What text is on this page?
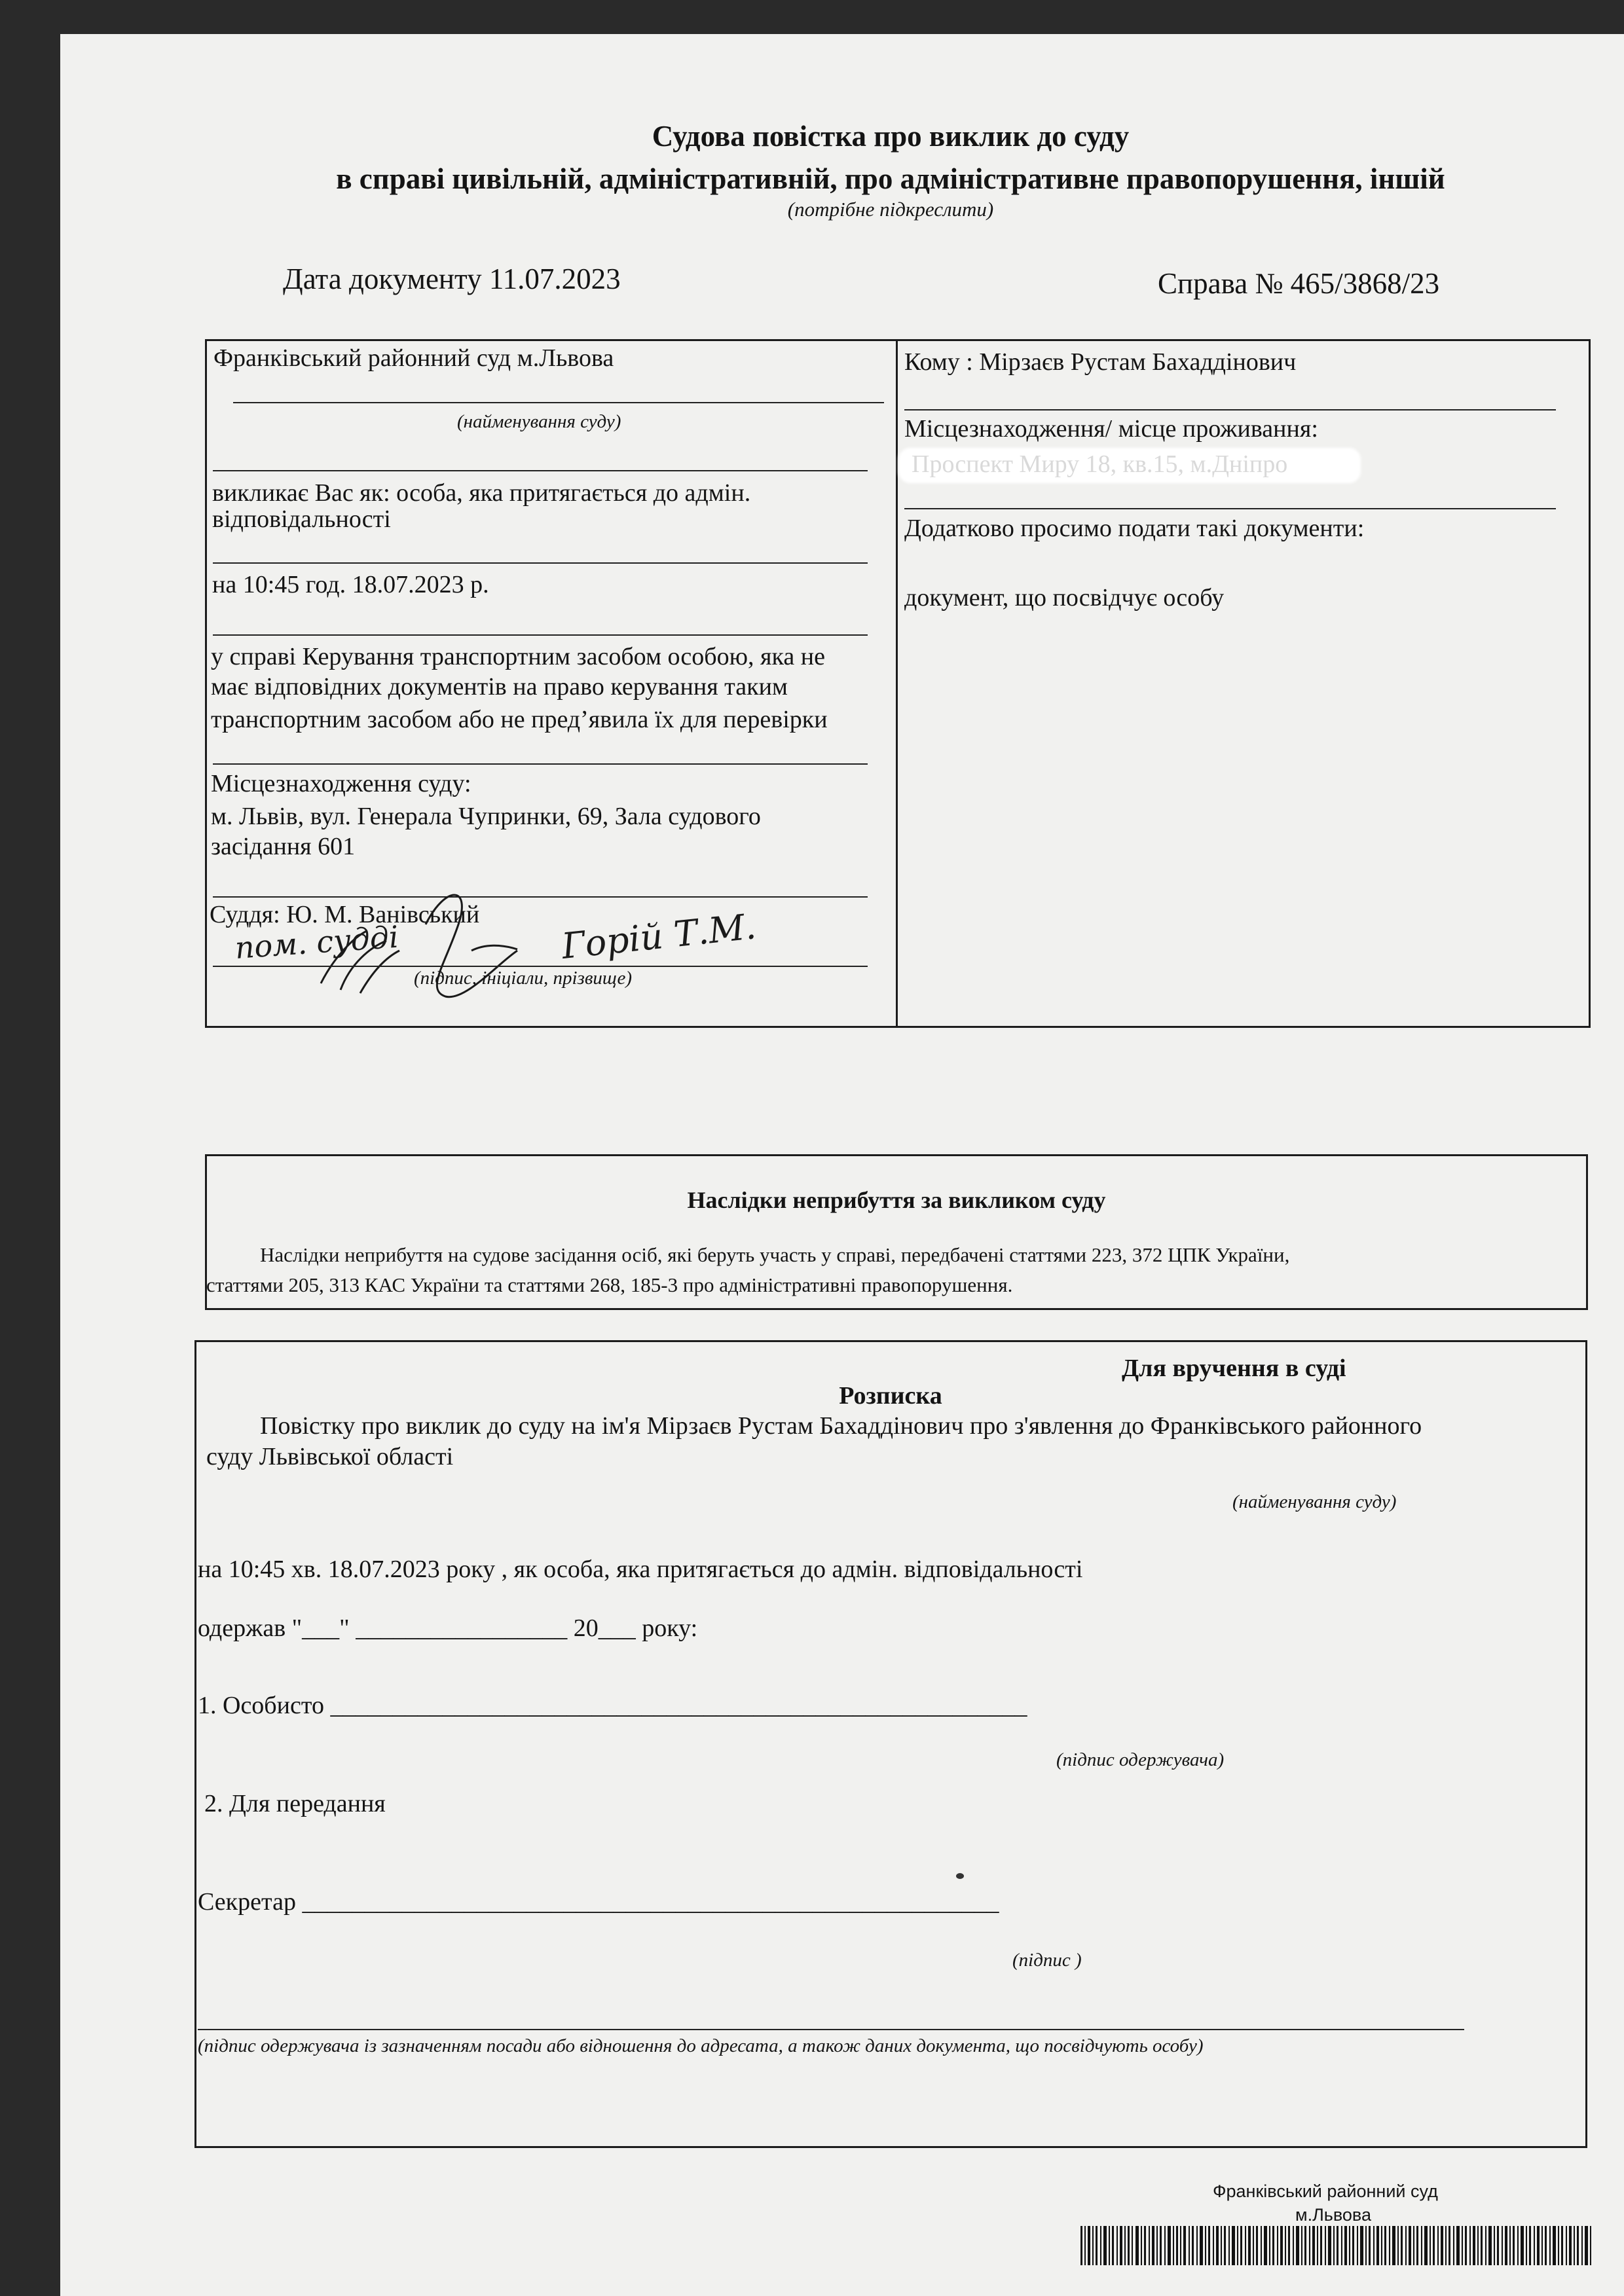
Судова повістка про виклик до суду
в справі цивільній, адміністративній, про адміністративне правопорушення, іншій
(потрібне підкреслити)
Дата документу 11.07.2023	Справа № 465/3868/23
Франківський районний суд м.Львова
(найменування суду)
викликає Вас як: особа, яка притягається до адмін.
відповідальності
на 10:45 год. 18.07.2023 р.
у справі Керування транспортним засобом особою, яка не
має відповідних документів на право керування таким
транспортним засобом або не пред’явила їх для перевірки
Місцезнаходження суду:
м. Львів, вул. Генерала Чупринки, 69, Зала судового
засідання 601
Суддя: Ю. М. Ванівський
пом. судді	Горій Т.М.
(підпис, ініціали, прізвище)
Кому : Мірзаєв Рустам Бахаддінович
Місцезнаходження/ місце проживання:
Проспект Миру 18, кв.15, м.Дніпро
Додатково просимо подати такі документи:
документ, що посвідчує особу
Наслідки неприбуття за викликом суду
Наслідки неприбуття на судове засідання осіб, які беруть участь у справі, передбачені статтями 223, 372 ЦПК України,
статтями 205, 313 КАС України та статтями 268, 185-3 про адміністративні правопорушення.
Для вручення в суді
Розписка
Повістку про виклик до суду на ім'я Мірзаєв Рустам Бахаддінович про з'явлення до Франківського районного
суду Львівської області
(найменування суду)
на 10:45 хв. 18.07.2023 року , як особа, яка притягається до адмін. відповідальності
одержав "___" _________________ 20___ року:
1. Особисто ________________________________________________________
(підпис одержувача)
2. Для передання
Секретар ________________________________________________________
(підпис )
(підпис одержувача із зазначенням посади або відношення до адресата, а також даних документа, що посвідчують особу)
Франківський районний суд
м.Львова
